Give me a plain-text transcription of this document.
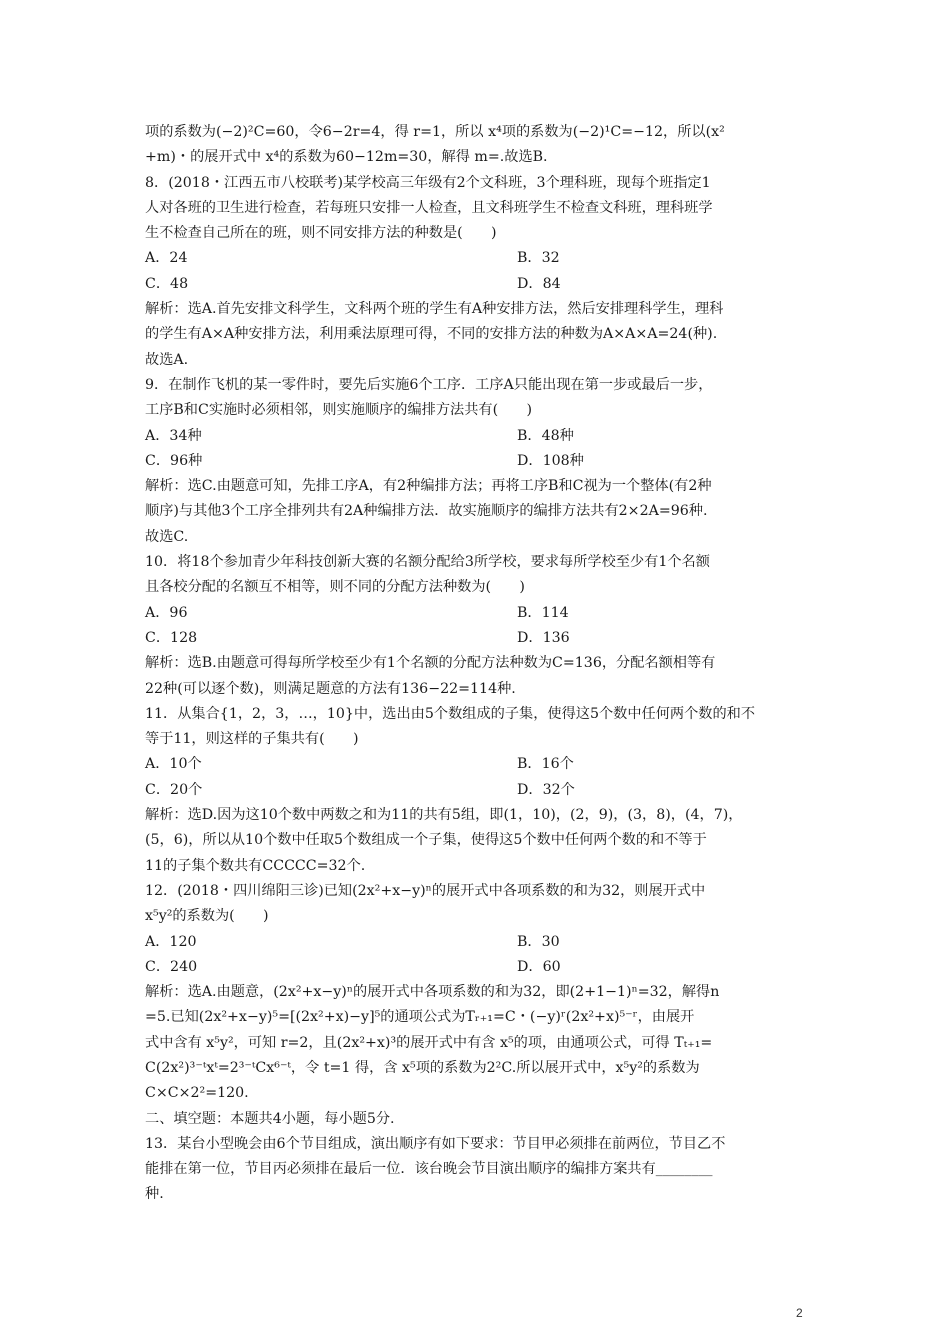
项的系数为(−2)²C=60，令6−2r=4，得 r=1，所以 x⁴项的系数为(−2)¹C=−12，所以(x²
+m)・的展开式中 x⁴的系数为60−12m=30，解得 m=.故选B.
8．(2018・江西五市八校联考)某学校高三年级有2个文科班，3个理科班，现每个班指定1
人对各班的卫生进行检查，若每班只安排一人检查，且文科班学生不检查文科班，理科班学
生不检查自己所在的班，则不同安排方法的种数是(　　)
A．24	B．32
C．48	D．84
解析：选A.首先安排文科学生，文科两个班的学生有A种安排方法，然后安排理科学生，理科
的学生有A×A种安排方法，利用乘法原理可得，不同的安排方法的种数为A×A×A=24(种).
故选A.
9．在制作飞机的某一零件时，要先后实施6个工序．工序A只能出现在第一步或最后一步，
工序B和C实施时必须相邻，则实施顺序的编排方法共有(　　)
A．34种	B．48种
C．96种	D．108种
解析：选C.由题意可知，先排工序A，有2种编排方法；再将工序B和C视为一个整体(有2种
顺序)与其他3个工序全排列共有2A种编排方法．故实施顺序的编排方法共有2×2A=96种.
故选C.
10．将18个参加青少年科技创新大赛的名额分配给3所学校，要求每所学校至少有1个名额
且各校分配的名额互不相等，则不同的分配方法种数为(　　)
A．96	B．114
C．128	D．136
解析：选B.由题意可得每所学校至少有1个名额的分配方法种数为C=136，分配名额相等有
22种(可以逐个数)，则满足题意的方法有136−22=114种.
11．从集合{1，2，3，…，10}中，选出由5个数组成的子集，使得这5个数中任何两个数的和不
等于11，则这样的子集共有(　　)
A．10个	B．16个
C．20个	D．32个
解析：选D.因为这10个数中两数之和为11的共有5组，即(1，10)，(2，9)，(3，8)，(4，7)，
(5，6)，所以从10个数中任取5个数组成一个子集，使得这5个数中任何两个数的和不等于
11的子集个数共有CCCCC=32个.
12．(2018・四川绵阳三诊)已知(2x²+x−y)ⁿ的展开式中各项系数的和为32，则展开式中
x⁵y²的系数为(　　)
A．120	B．30
C．240	D．60
解析：选A.由题意，(2x²+x−y)ⁿ的展开式中各项系数的和为32，即(2+1−1)ⁿ=32，解得n
=5.已知(2x²+x−y)⁵=[(2x²+x)−y]⁵的通项公式为Tᵣ₊₁=C・(−y)ʳ(2x²+x)⁵⁻ʳ，由展开
式中含有 x⁵y²，可知 r=2，且(2x²+x)³的展开式中有含 x⁵的项，由通项公式，可得 Tₜ₊₁=
C(2x²)³⁻ᵗxᵗ=2³⁻ᵗCx⁶⁻ᵗ，令 t=1 得，含 x⁵项的系数为2²C.所以展开式中，x⁵y²的系数为
C×C×2²=120.
二、填空题：本题共4小题，每小题5分.
13．某台小型晚会由6个节目组成，演出顺序有如下要求：节目甲必须排在前两位，节目乙不
能排在第一位，节目丙必须排在最后一位．该台晚会节目演出顺序的编排方案共有________
种.
2
